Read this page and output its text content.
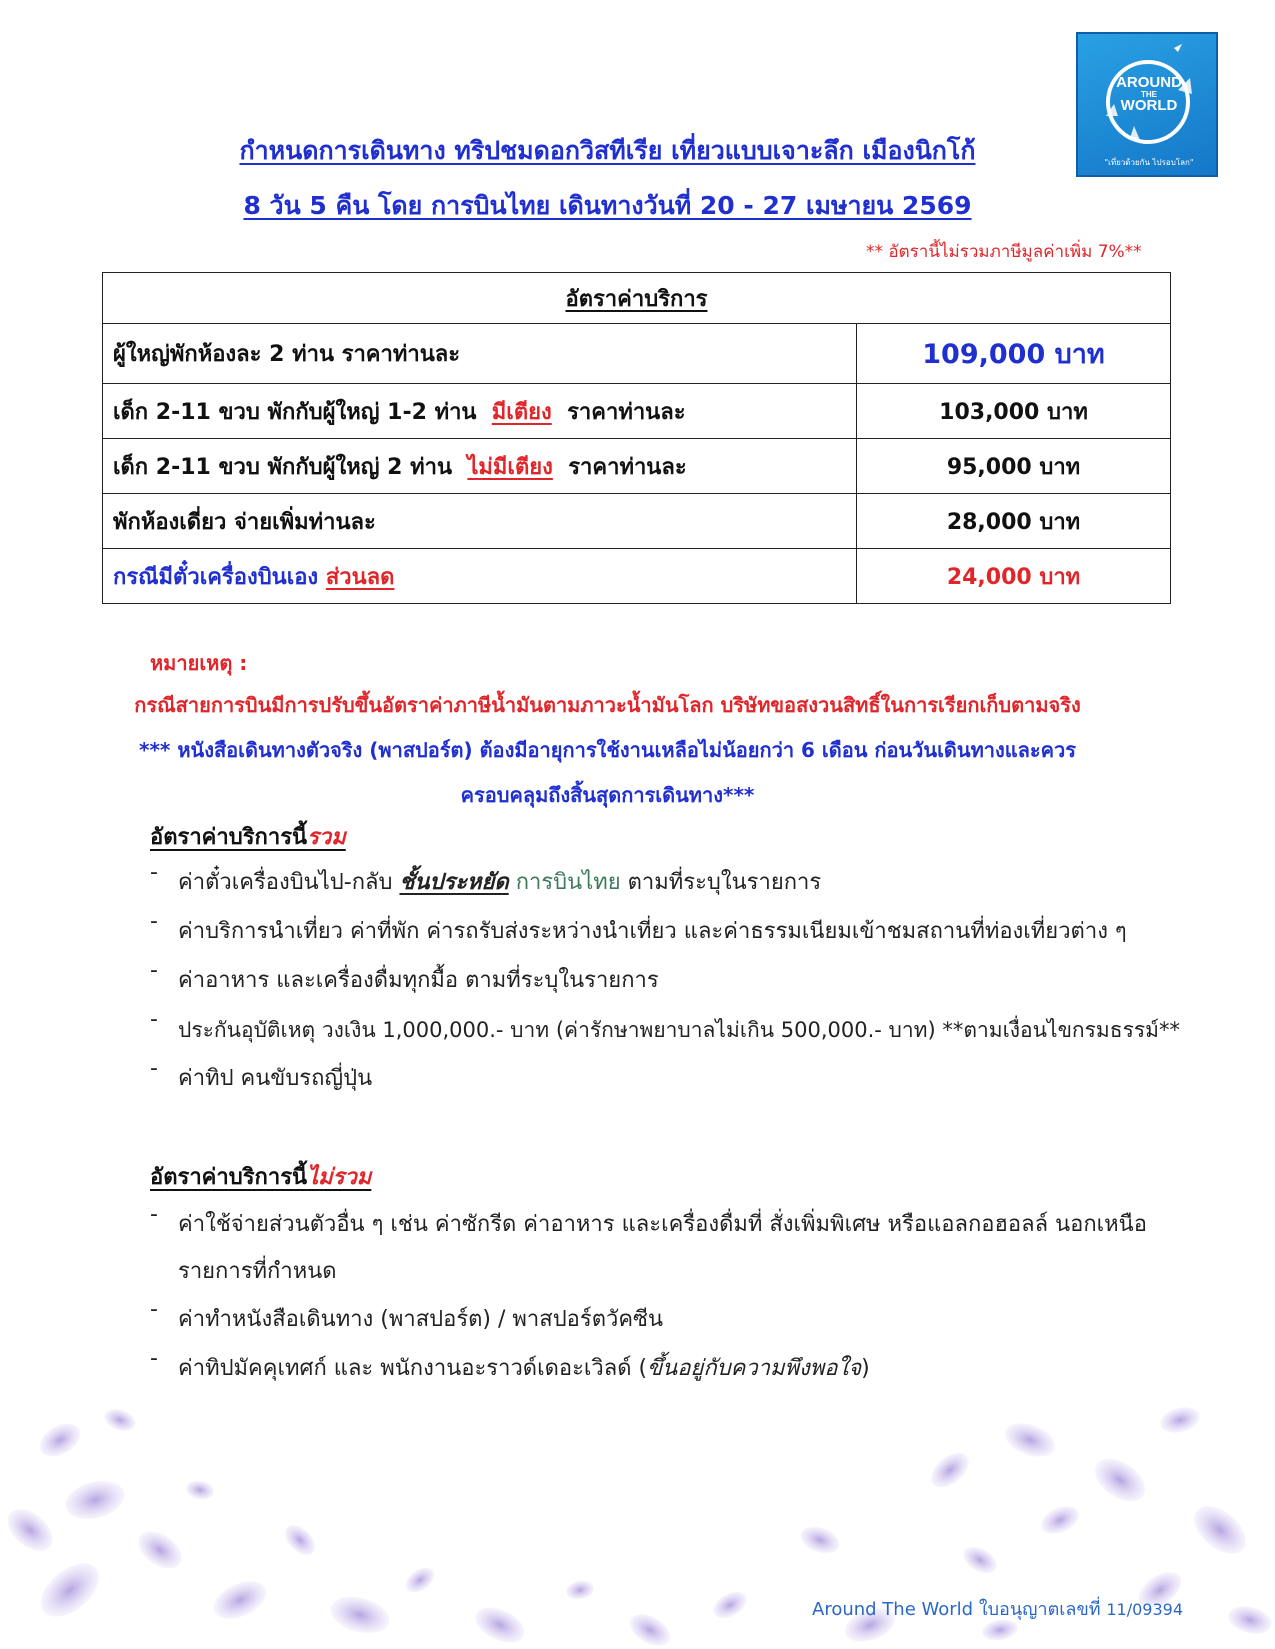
AROUND
THE
WORLD
"เที่ยวด้วยกัน ไปรอบโลก"
กำหนดการเดินทาง ทริปชมดอกวิสทีเรีย เที่ยวแบบเจาะลึก เมืองนิกโก้
8 วัน 5 คืน โดย การบินไทย เดินทางวันที่ 20 - 27 เมษายน 2569
** อัตรานี้ไม่รวมภาษีมูลค่าเพิ่ม 7%**
อัตราค่าบริการ	
ผู้ใหญ่พักห้องละ 2 ท่าน ราคาท่านละ	109,000 บาท
เด็ก 2-11 ขวบ พักกับผู้ใหญ่ 1-2 ท่าน มีเตียง ราคาท่านละ	103,000 บาท
เด็ก 2-11 ขวบ พักกับผู้ใหญ่ 2 ท่าน ไม่มีเตียง ราคาท่านละ	95,000 บาท
พักห้องเดี่ยว จ่ายเพิ่มท่านละ	28,000 บาท
กรณีมีตั๋วเครื่องบินเอง ส่วนลด	24,000 บาท
หมายเหตุ :
กรณีสายการบินมีการปรับขึ้นอัตราค่าภาษีน้ำมันตามภาวะน้ำมันโลก บริษัทขอสงวนสิทธิ์ในการเรียกเก็บตามจริง
*** หนังสือเดินทางตัวจริง (พาสปอร์ต) ต้องมีอายุการใช้งานเหลือไม่น้อยกว่า 6 เดือน ก่อนวันเดินทางและควร
ครอบคลุมถึงสิ้นสุดการเดินทาง***
อัตราค่าบริการนี้รวม
- ค่าตั๋วเครื่องบินไป-กลับ ชั้นประหยัด การบินไทย ตามที่ระบุในรายการ
- ค่าบริการนำเที่ยว ค่าที่พัก ค่ารถรับส่งระหว่างนำเที่ยว และค่าธรรมเนียมเข้าชมสถานที่ท่องเที่ยวต่าง ๆ
- ค่าอาหาร และเครื่องดื่มทุกมื้อ ตามที่ระบุในรายการ
- ประกันอุบัติเหตุ วงเงิน 1,000,000.- บาท (ค่ารักษาพยาบาลไม่เกิน 500,000.- บาท) **ตามเงื่อนไขกรมธรรม์**
- ค่าทิป คนขับรถญี่ปุ่น
อัตราค่าบริการนี้ไม่รวม
- ค่าใช้จ่ายส่วนตัวอื่น ๆ เช่น ค่าซักรีด ค่าอาหาร และเครื่องดื่มที่ สั่งเพิ่มพิเศษ หรือแอลกอฮอลล์ นอกเหนือ
รายการที่กำหนด
- ค่าทำหนังสือเดินทาง (พาสปอร์ต) / พาสปอร์ตวัคซีน
- ค่าทิปมัคคุเทศก์ และ พนักงานอะราวด์เดอะเวิลด์ (ขึ้นอยู่กับความพึงพอใจ)
Around The World ใบอนุญาตเลขที่ 11/09394
